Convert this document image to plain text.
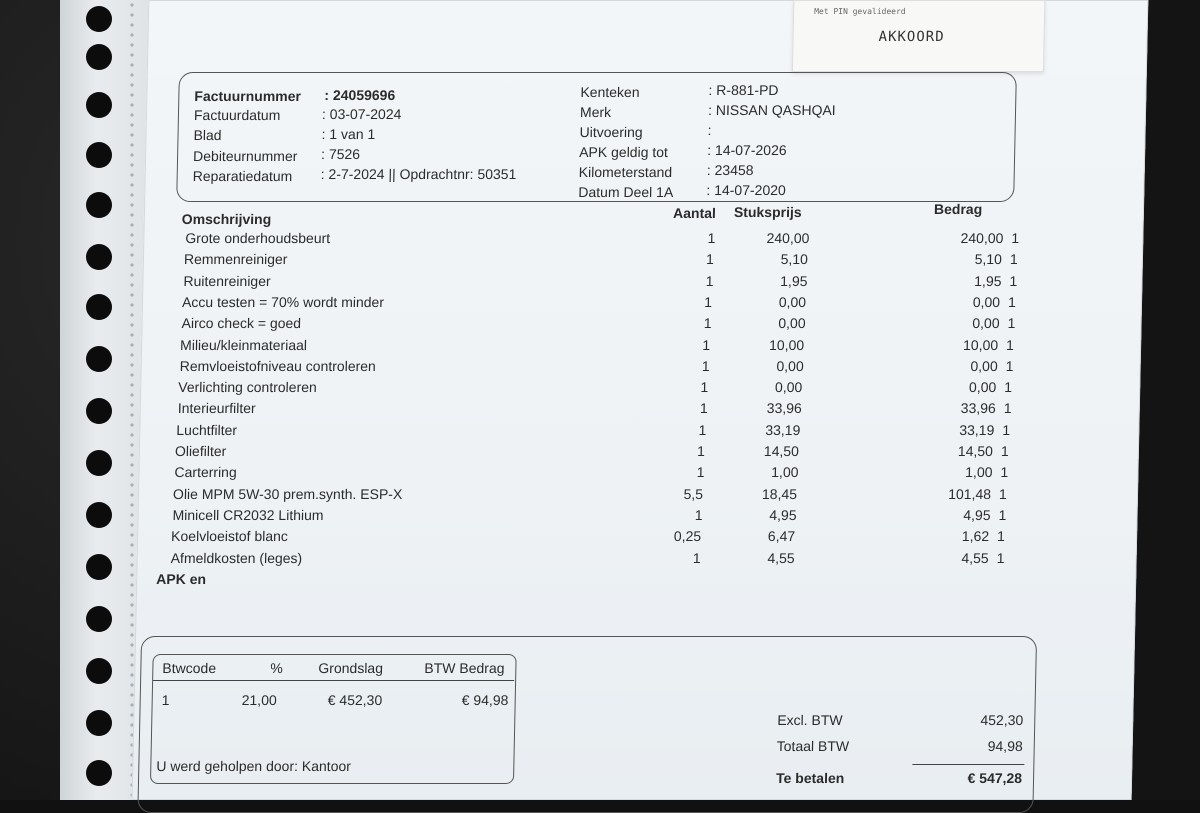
Met PIN gevalideerd
AKKOORD
Factuurnummer : 24059696
Factuurdatum	: 03-07-2024
Blad	: 1 van 1
Debiteurnummer : 7526
Reparatiedatum : 2-7-2024 || Opdrachtnr: 50351
Kenteken	: R-881-PD
Merk	: NISSAN QASHQAI
Uitvoering	:
APK geldig tot	: 14-07-2026
Kilometerstand : 23458
Datum Deel 1A : 14-07-2020
Omschrijving	Aantal Stuksprijs	Bedrag
Grote onderhoudsbeurt	1	240,00	240,00 1
Remmenreiniger	1	5,10	5,10 1
Ruitenreiniger	1	1,95	1,95 1
Accu testen = 70% wordt minder	1	0,00	0,00 1
Airco check = goed	1	0,00	0,00 1
Milieu/kleinmateriaal	1	10,00	10,00 1
Remvloeistofniveau controleren	1	0,00	0,00 1
Verlichting controleren	1	0,00	0,00 1
Interieurfilter	1	33,96	33,96 1
Luchtfilter	1	33,19	33,19 1
Oliefilter	1	14,50	14,50 1
Carterring	1	1,00	1,00 1
Olie MPM 5W-30 prem.synth. ESP-X	5,5	18,45	101,48 1
Minicell CR2032 Lithium	1	4,95	4,95 1
Koelvloeistof blanc	0,25	6,47	1,62 1
Afmeldkosten (leges)	1	4,55	4,55 1
APK en
Btwcode	%	Grondslag	BTW Bedrag
1	21,00	€ 452,30	€ 94,98
U werd geholpen door: Kantoor
Excl. BTW	452,30
Totaal BTW	94,98
Te betalen	€ 547,28
